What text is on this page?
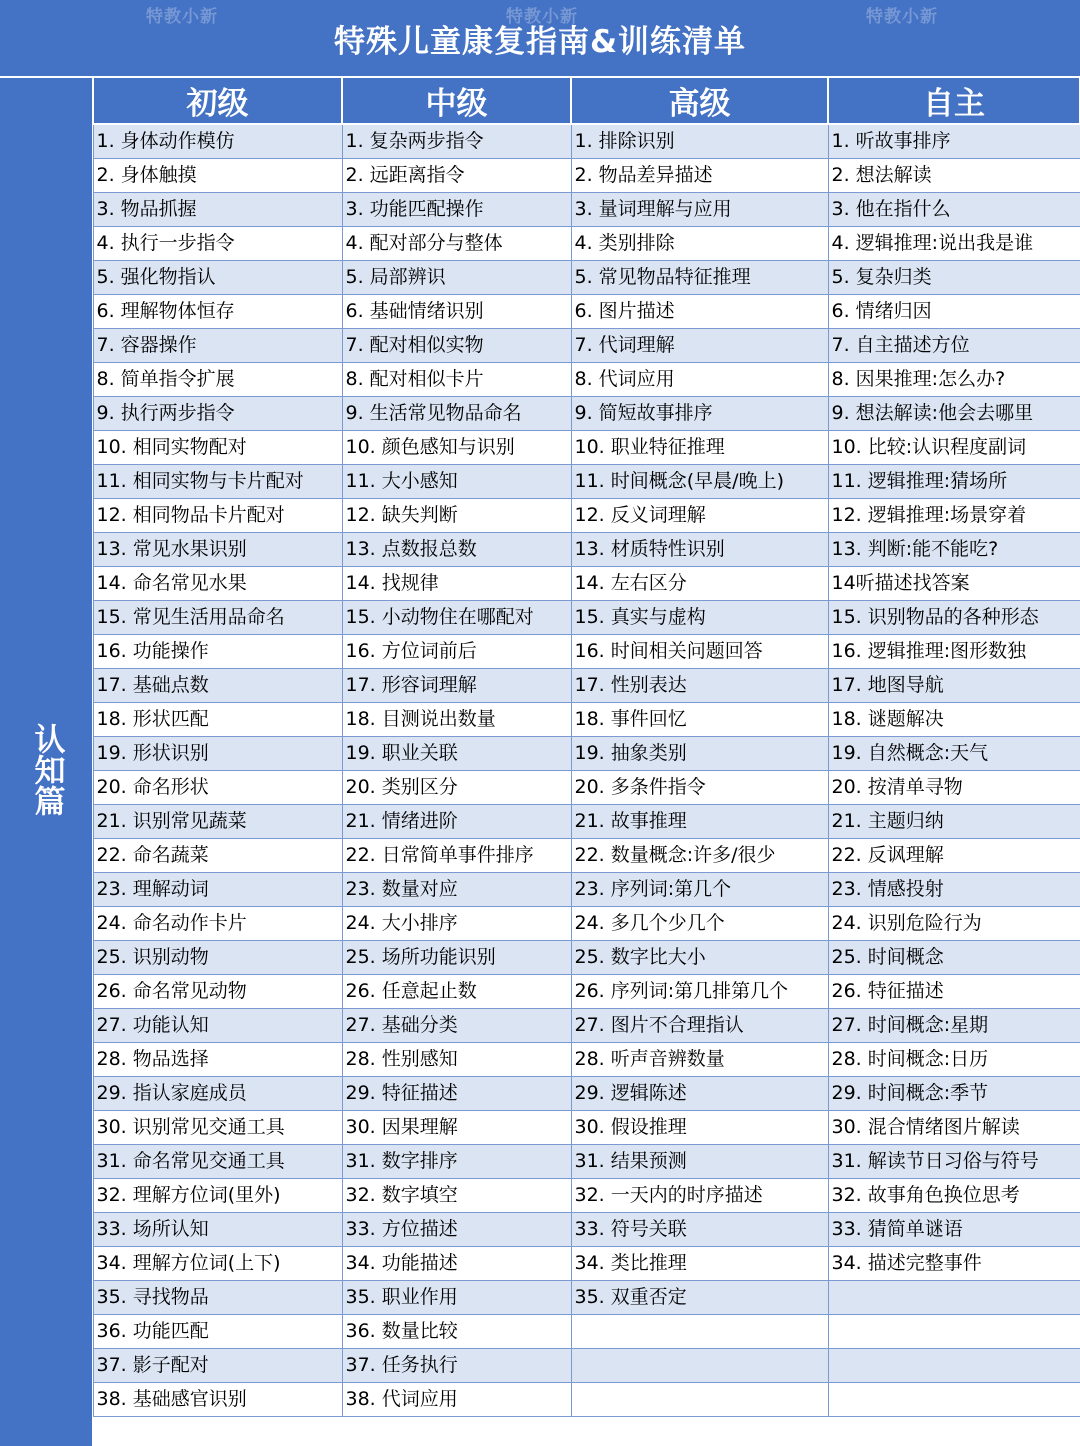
特教小新
特殊儿童康复指南&训练清单
特教小新	特教小新
认知篇
初级	中级	高级	自主
1. 身体动作模仿	1. 复杂两步指令	1. 排除识别	1. 听故事排序
2. 身体触摸	2. 远距离指令	2. 物品差异描述	2. 想法解读
3. 物品抓握	3. 功能匹配操作	3. 量词理解与应用	3. 他在指什么
4. 执行一步指令	4. 配对部分与整体	4. 类别排除	4. 逻辑推理:说出我是谁
5. 强化物指认	5. 局部辨识	5. 常见物品特征推理	5. 复杂归类
6. 理解物体恒存	6. 基础情绪识别	6. 图片描述	6. 情绪归因
7. 容器操作	7. 配对相似实物	7. 代词理解	7. 自主描述方位
8. 简单指令扩展	8. 配对相似卡片	8. 代词应用	8. 因果推理:怎么办?
9. 执行两步指令	9. 生活常见物品命名	9. 简短故事排序	9. 想法解读:他会去哪里
10. 相同实物配对	10. 颜色感知与识别	10. 职业特征推理	10. 比较:认识程度副词
11. 相同实物与卡片配对	11. 大小感知	11. 时间概念(早晨/晚上)	11. 逻辑推理:猜场所
12. 相同物品卡片配对	12. 缺失判断	12. 反义词理解	12. 逻辑推理:场景穿着
13. 常见水果识别	13. 点数报总数	13. 材质特性识别	13. 判断:能不能吃?
14. 命名常见水果	14. 找规律	14. 左右区分	14听描述找答案
15. 常见生活用品命名	15. 小动物住在哪配对	15. 真实与虚构	15. 识别物品的各种形态
16. 功能操作	16. 方位词前后	16. 时间相关问题回答	16. 逻辑推理:图形数独
17. 基础点数	17. 形容词理解	17. 性别表达	17. 地图导航
18. 形状匹配	18. 目测说出数量	18. 事件回忆	18. 谜题解决
19. 形状识别	19. 职业关联	19. 抽象类别	19. 自然概念:天气
20. 命名形状	20. 类别区分	20. 多条件指令	20. 按清单寻物
21. 识别常见蔬菜	21. 情绪进阶	21. 故事推理	21. 主题归纳
22. 命名蔬菜	22. 日常简单事件排序	22. 数量概念:许多/很少	22. 反讽理解
23. 理解动词	23. 数量对应	23. 序列词:第几个	23. 情感投射
24. 命名动作卡片	24. 大小排序	24. 多几个少几个	24. 识别危险行为
25. 识别动物	25. 场所功能识别	25. 数字比大小	25. 时间概念
26. 命名常见动物	26. 任意起止数	26. 序列词:第几排第几个	26. 特征描述
27. 功能认知	27. 基础分类	27. 图片不合理指认	27. 时间概念:星期
28. 物品选择	28. 性别感知	28. 听声音辨数量	28. 时间概念:日历
29. 指认家庭成员	29. 特征描述	29. 逻辑陈述	29. 时间概念:季节
30. 识别常见交通工具	30. 因果理解	30. 假设推理	30. 混合情绪图片解读
31. 命名常见交通工具	31. 数字排序	31. 结果预测	31. 解读节日习俗与符号
32. 理解方位词(里外)	32. 数字填空	32. 一天内的时序描述	32. 故事角色换位思考
33. 场所认知	33. 方位描述	33. 符号关联	33. 猜简单谜语
34. 理解方位词(上下)	34. 功能描述	34. 类比推理	34. 描述完整事件
35. 寻找物品	35. 职业作用	35. 双重否定	
36. 功能匹配	36. 数量比较		
37. 影子配对	37. 任务执行		
38. 基础感官识别	38. 代词应用		
